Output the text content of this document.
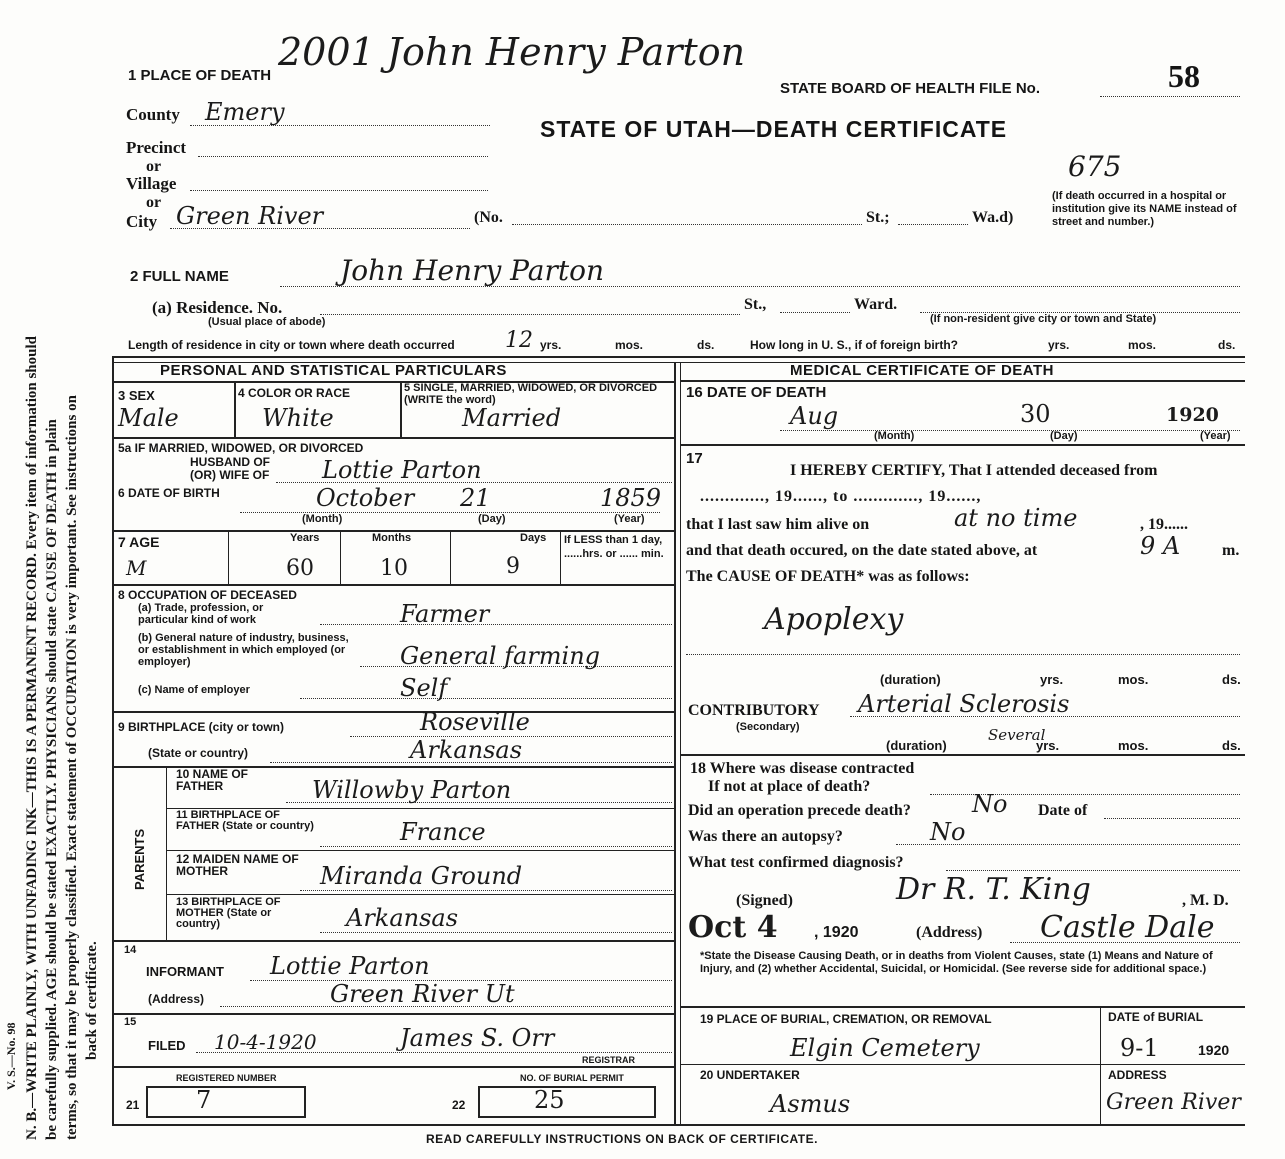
N. B.—WRITE PLAINLY, WITH UNFADING INK—THIS IS A PERMANENT RECORD. Every item of information should be carefully supplied. AGE should be stated EXACTLY. PHYSICIANS should state CAUSE OF DEATH in plain terms, so that it may be properly classified. Exact statement of OCCUPATION is very important. See instructions on back of certificate.
V. S.—No. 98
2001 John Henry Parton
1 PLACE OF DEATH
STATE BOARD OF HEALTH FILE No.	58
STATE OF UTAH—DEATH CERTIFICATE
675
County Emery
Precinct
or
Village
or
City Green River	(No.	St.;	Wa.d)
(If death occurred in a hospital or institution give its NAME instead of street and number.)
2 FULL NAME	John Henry Parton
(a) Residence. No.
(Usual place of abode)
St.,	Ward.
(If non-resident give city or town and State)
Length of residence in city or town where death occurred 12 yrs.	mos.	ds.	How long in U. S., if of foreign birth?	yrs.	mos.	ds.
PERSONAL AND STATISTICAL PARTICULARS	MEDICAL CERTIFICATE OF DEATH
3 SEX
Male
4 COLOR OR RACE
White
5 SINGLE, MARRIED, WIDOWED, OR DIVORCED (WRITE the word)
Married
5a IF MARRIED, WIDOWED, OR DIVORCED
HUSBAND OF
(OR) WIFE OF Lottie Parton
6 DATE OF BIRTH	October 21	1859
(Month)	(Day)	(Year)
7 AGE	Years	Months	Days If LESS than 1 day, ......hrs. or ...... min.
M	60	10	9
8 OCCUPATION OF DECEASED
(a) Trade, profession, or particular kind of work	Farmer
(b) General nature of industry, business, or establishment in which employed (or employer)	General farming
(c) Name of employer	Self
9 BIRTHPLACE (city or town)	Roseville
(State or country)	Arkansas
PARENTS
10 NAME OF FATHER	Willowby Parton
11 BIRTHPLACE OF FATHER (State or country)	France
12 MAIDEN NAME OF MOTHER	Miranda Ground
13 BIRTHPLACE OF MOTHER (State or country)	Arkansas
14
INFORMANT Lottie Parton
(Address)	Green River Ut
15
FILED 10-4-1920	James S. Orr
REGISTRAR
REGISTERED NUMBER	NO. OF BURIAL PERMIT
21 7	22	25
16 DATE OF DEATH
Aug	30	1920
(Month)	(Day)	(Year)
17
I HEREBY CERTIFY, That I attended deceased from
............., 19......, to ............., 19......,
that I last saw him alive on	at no time	, 19......
and that death occured, on the date stated above, at	9 A	m.
The CAUSE OF DEATH* was as follows:
Apoplexy
(duration)	yrs.	mos.	ds.
CONTRIBUTORY
(Secondary)
Arterial Sclerosis
(duration)
Several
yrs.	mos.	ds.
18 Where was disease contracted
If not at place of death?
Did an operation precede death?	No Date of
Was there an autopsy?	No
What test confirmed diagnosis?
(Signed)	Dr R. T. King	, M. D.
Oct 4 , 1920	(Address) Castle Dale
*State the Disease Causing Death, or in deaths from Violent Causes, state (1) Means and Nature of Injury, and (2) whether Accidental, Suicidal, or Homicidal. (See reverse side for additional space.)
19 PLACE OF BURIAL, CREMATION, OR REMOVAL
Elgin Cemetery
DATE of BURIAL
9-1	1920
20 UNDERTAKER
Asmus
ADDRESS
Green River
READ CAREFULLY INSTRUCTIONS ON BACK OF CERTIFICATE.
